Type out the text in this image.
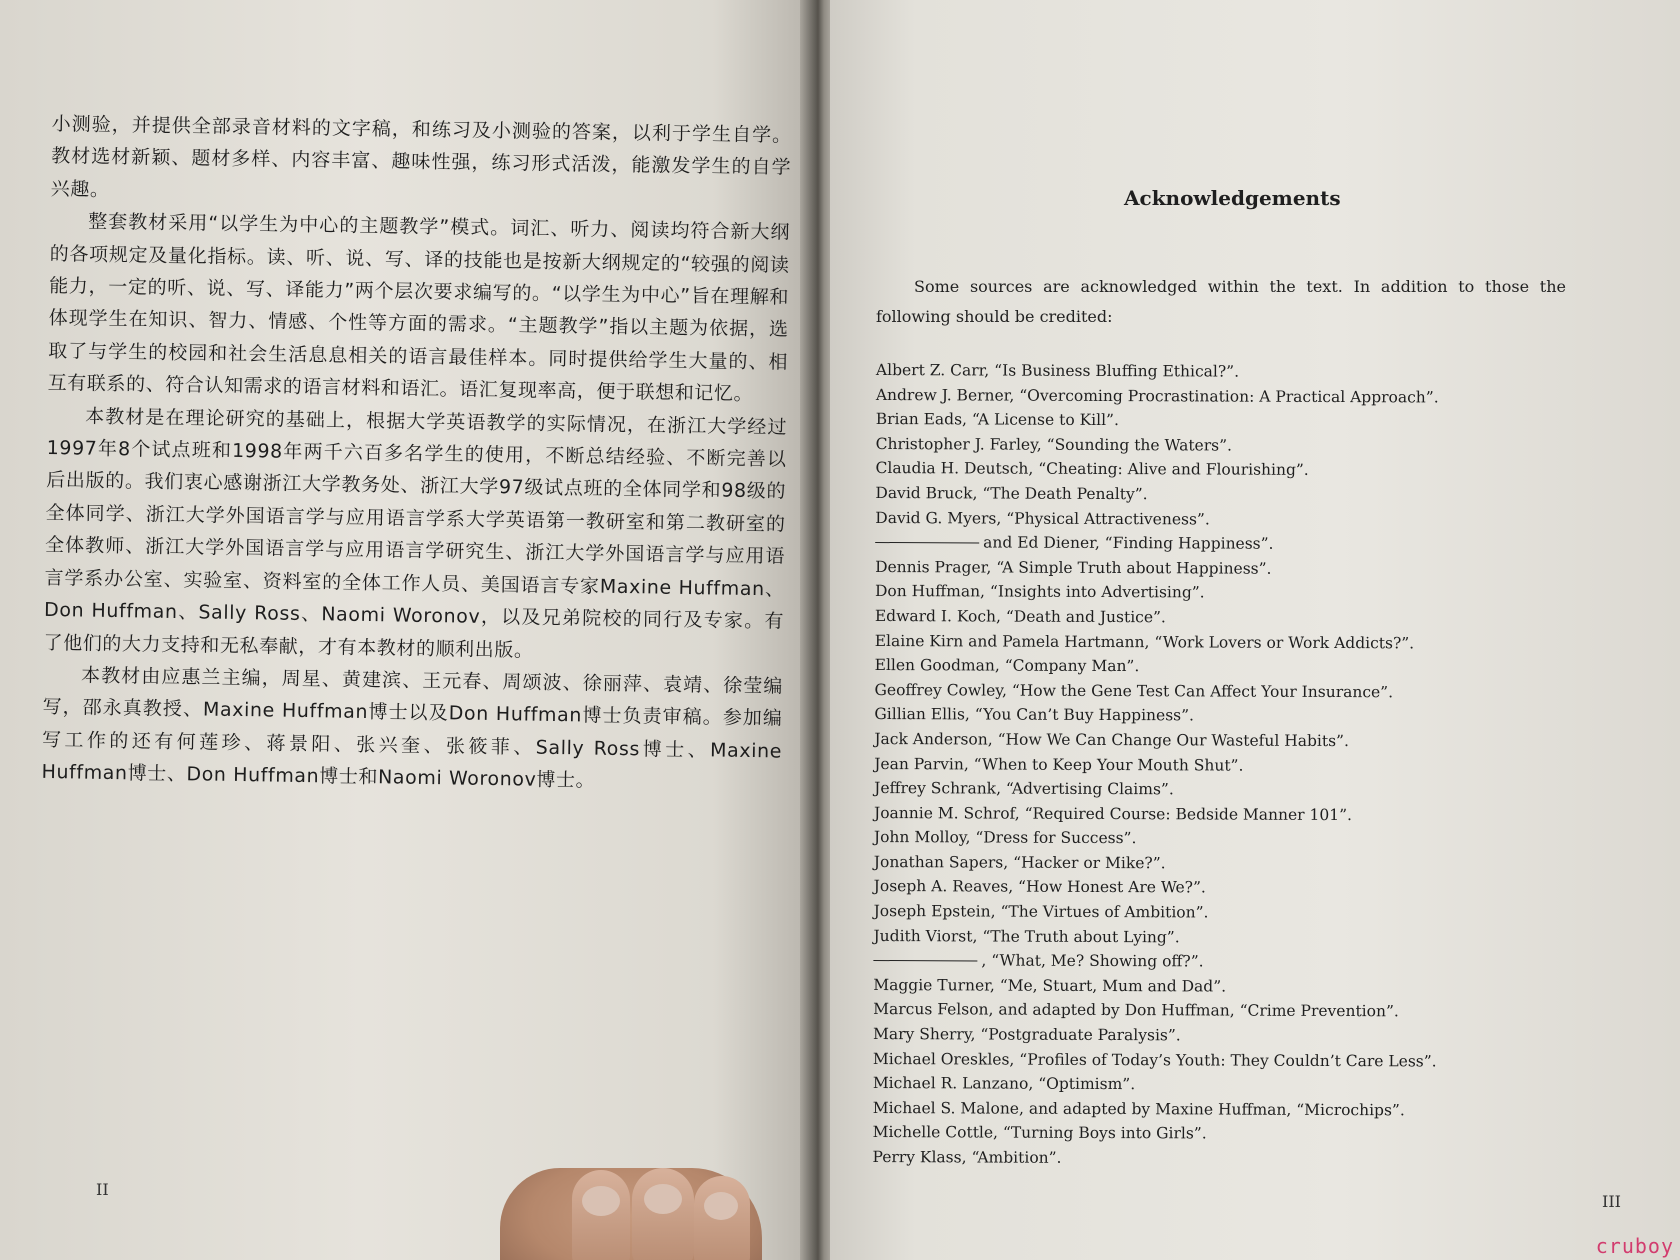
小测验，并提供全部录音材料的文字稿，和练习及小测验的答案，以利于学生自学。教材选材新颖、题材多样、内容丰富、趣味性强，练习形式活泼，能激发学生的自学兴趣。

整套教材采用“以学生为中心的主题教学”模式。词汇、听力、阅读均符合新大纲的各项规定及量化指标。读、听、说、写、译的技能也是按新大纲规定的“较强的阅读能力，一定的听、说、写、译能力”两个层次要求编写的。“以学生为中心”旨在理解和体现学生在知识、智力、情感、个性等方面的需求。“主题教学”指以主题为依据，选取了与学生的校园和社会生活息息相关的语言最佳样本。同时提供给学生大量的、相互有联系的、符合认知需求的语言材料和语汇。语汇复现率高，便于联想和记忆。

本教材是在理论研究的基础上，根据大学英语教学的实际情况，在浙江大学经过1997年8个试点班和1998年两千六百多名学生的使用，不断总结经验、不断完善以后出版的。我们衷心感谢浙江大学教务处、浙江大学97级试点班的全体同学和98级的全体同学、浙江大学外国语言学与应用语言学系大学英语第一教研室和第二教研室的全体教师、浙江大学外国语言学与应用语言学研究生、浙江大学外国语言学与应用语言学系办公室、实验室、资料室的全体工作人员、美国语言专家Maxine Huffman、Don Huffman、Sally Ross、Naomi Woronov，以及兄弟院校的同行及专家。有了他们的大力支持和无私奉献，才有本教材的顺利出版。

本教材由应惠兰主编，周星、黄建滨、王元春、周颂波、徐丽萍、袁靖、徐莹编写，邵永真教授、Maxine Huffman博士以及Don Huffman博士负责审稿。参加编写工作的还有何莲珍、蒋景阳、张兴奎、张筱菲、Sally Ross博士、Maxine Huffman博士、Don Huffman博士和Naomi Woronov博士。

II
Acknowledgements
Some sources are acknowledged within the text. In addition to those the following should be credited:
Albert Z. Carr, “Is Business Bluffing Ethical?”.
Andrew J. Berner, “Overcoming Procrastination: A Practical Approach”.
Brian Eads, “A License to Kill”.
Christopher J. Farley, “Sounding the Waters”.
Claudia H. Deutsch, “Cheating: Alive and Flourishing”.
David Bruck, “The Death Penalty”.
David G. Myers, “Physical Attractiveness”.
and Ed Diener, “Finding Happiness”.
Dennis Prager, “A Simple Truth about Happiness”.
Don Huffman, “Insights into Advertising”.
Edward I. Koch, “Death and Justice”.
Elaine Kirn and Pamela Hartmann, “Work Lovers or Work Addicts?”.
Ellen Goodman, “Company Man”.
Geoffrey Cowley, “How the Gene Test Can Affect Your Insurance”.
Gillian Ellis, “You Can’t Buy Happiness”.
Jack Anderson, “How We Can Change Our Wasteful Habits”.
Jean Parvin, “When to Keep Your Mouth Shut”.
Jeffrey Schrank, “Advertising Claims”.
Joannie M. Schrof, “Required Course: Bedside Manner 101”.
John Molloy, “Dress for Success”.
Jonathan Sapers, “Hacker or Mike?”.
Joseph A. Reaves, “How Honest Are We?”.
Joseph Epstein, “The Virtues of Ambition”.
Judith Viorst, “The Truth about Lying”.
, “What, Me? Showing off?”.
Maggie Turner, “Me, Stuart, Mum and Dad”.
Marcus Felson, and adapted by Don Huffman, “Crime Prevention”.
Mary Sherry, “Postgraduate Paralysis”.
Michael Oreskles, “Profiles of Today’s Youth: They Couldn’t Care Less”.
Michael R. Lanzano, “Optimism”.
Michael S. Malone, and adapted by Maxine Huffman, “Microchips”.
Michelle Cottle, “Turning Boys into Girls”.
Perry Klass, “Ambition”.
III
cruboy
